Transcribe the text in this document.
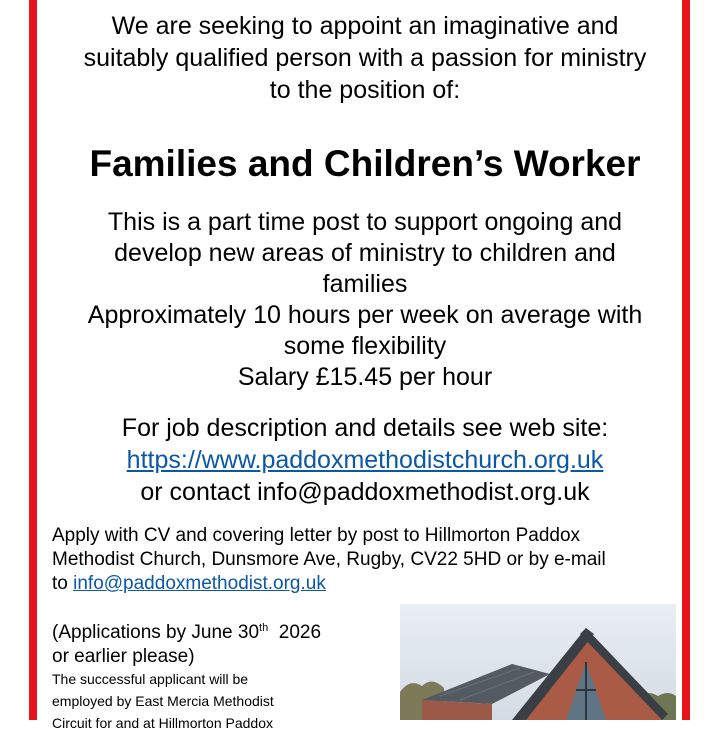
We are seeking to appoint an imaginative and
suitably qualified person with a passion for ministry
to the position of:
Families and Children’s Worker
This is a part time post to support ongoing and
develop new areas of ministry to children and
families
Approximately 10 hours per week on average with
some flexibility
Salary £15.45 per hour
For job description and details see web site:
https://www.paddoxmethodistchurch.org.uk
or contact info@paddoxmethodist.org.uk
Apply with CV and covering letter by post to Hillmorton Paddox
Methodist Church, Dunsmore Ave, Rugby, CV22 5HD or by e-mail
to info@paddoxmethodist.org.uk
(Applications by June 30th  2026
or earlier please)
The successful applicant will be
employed by East Mercia Methodist
Circuit for and at Hillmorton Paddox
